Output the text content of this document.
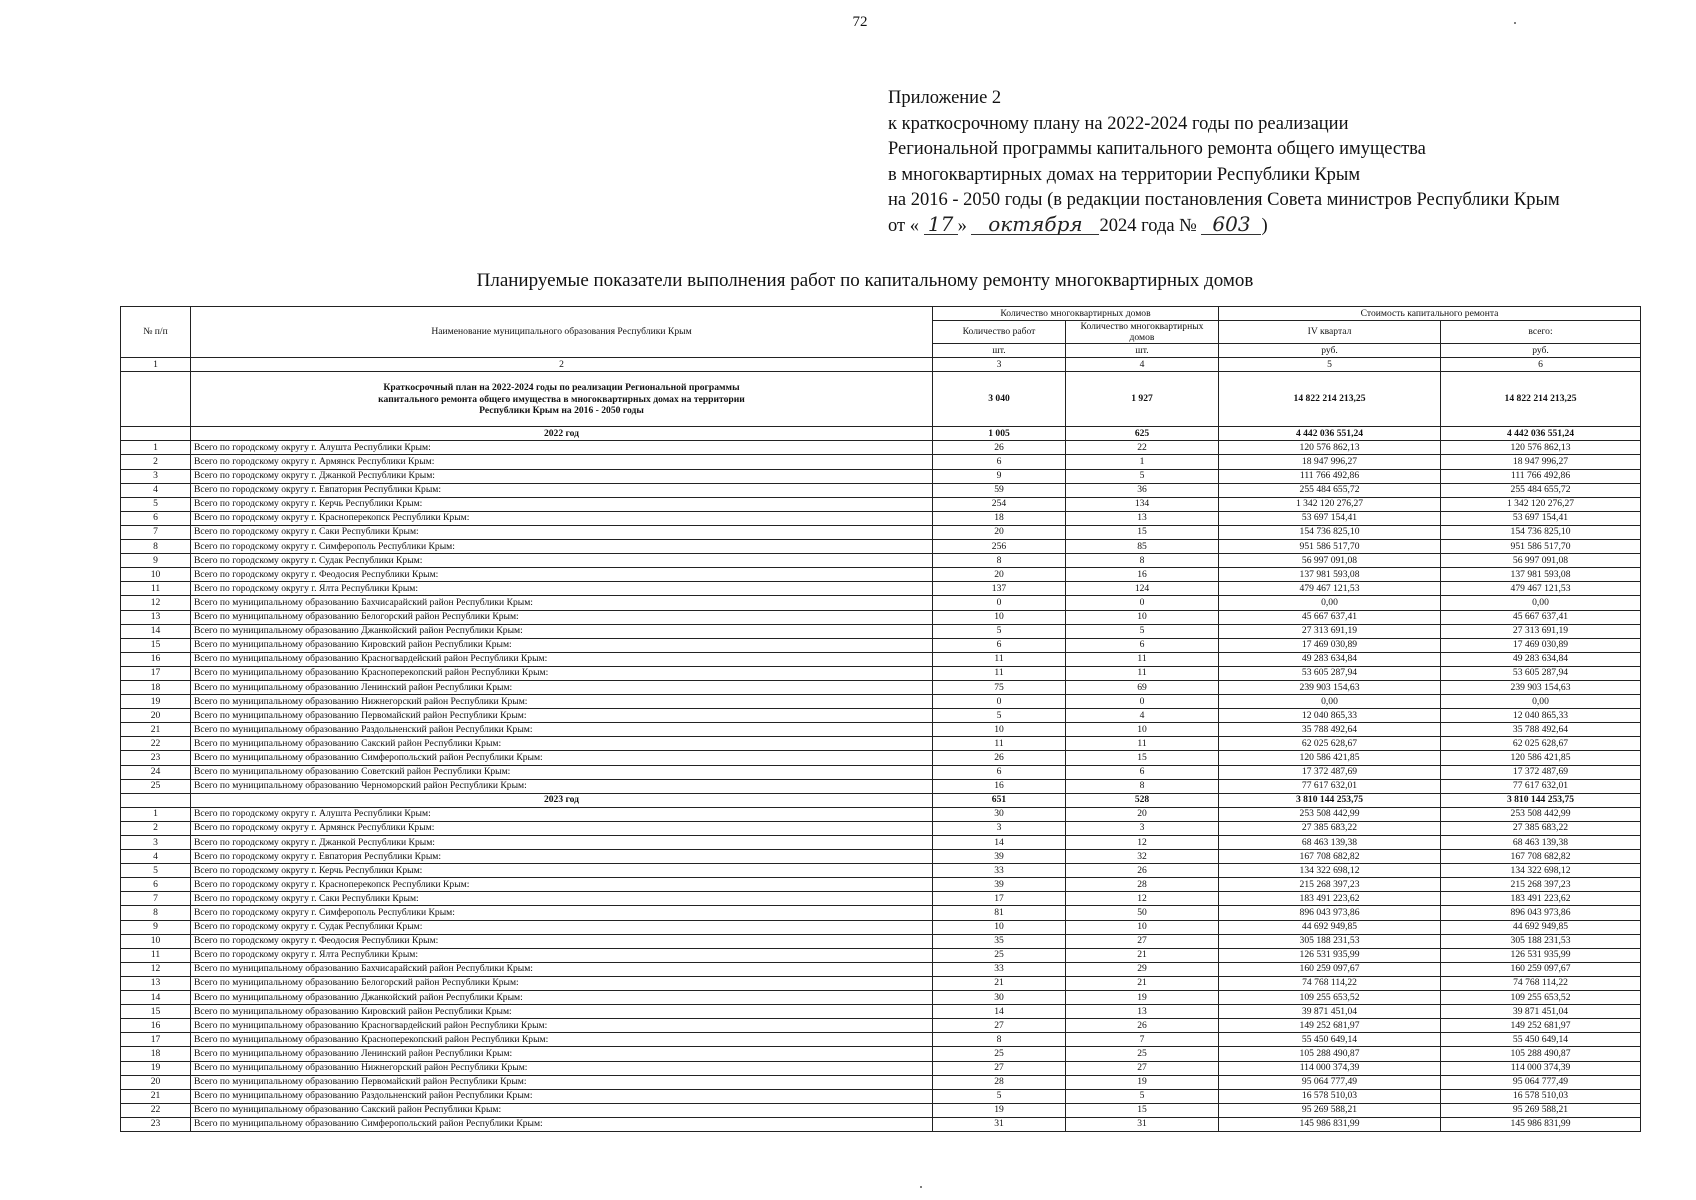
72
Приложение 2
к краткосрочному плану на 2022-2024 годы по реализации
Региональной программы капитального ремонта общего имущества
в многоквартирных домах на территории Республики Крым
на 2016 - 2050 годы (в редакции постановления Совета министров Республики Крым
от « 17 » октября 2024 года № 603 )
Планируемые показатели выполнения работ по капитальному ремонту многоквартирных домов
№ п/п	Наименование муниципального образования Республики Крым	Количество многоквартирных домов		Стоимость капитального ремонта	
		Количество работ	Количество многоквартирных домов	IV квартал	всего:
		шт.	шт.	руб.	руб.
1	2	3	4	5	6
	Краткосрочный план на 2022-2024 годы по реализации Региональной программы капитального ремонта общего имущества в многоквартирных домах на территории Республики Крым на 2016 - 2050 годы	3 040	1 927	14 822 214 213,25	14 822 214 213,25
	2022 год	1 005	625	4 442 036 551,24	4 442 036 551,24
1	Всего по городскому округу г. Алушта Республики Крым:	26	22	120 576 862,13	120 576 862,13
2	Всего по городскому округу г. Армянск Республики Крым:	6	1	18 947 996,27	18 947 996,27
3	Всего по городскому округу г. Джанкой Республики Крым:	9	5	111 766 492,86	111 766 492,86
4	Всего по городскому округу г. Евпатория Республики Крым:	59	36	255 484 655,72	255 484 655,72
5	Всего по городскому округу г. Керчь Республики Крым:	254	134	1 342 120 276,27	1 342 120 276,27
6	Всего по городскому округу г. Красноперекопск Республики Крым:	18	13	53 697 154,41	53 697 154,41
7	Всего по городскому округу г. Саки Республики Крым:	20	15	154 736 825,10	154 736 825,10
8	Всего по городскому округу г. Симферополь Республики Крым:	256	85	951 586 517,70	951 586 517,70
9	Всего по городскому округу г. Судак Республики Крым:	8	8	56 997 091,08	56 997 091,08
10	Всего по городскому округу г. Феодосия Республики Крым:	20	16	137 981 593,08	137 981 593,08
11	Всего по городскому округу г. Ялта Республики Крым:	137	124	479 467 121,53	479 467 121,53
12	Всего по муниципальному образованию Бахчисарайский район Республики Крым:	0	0	0,00	0,00
13	Всего по муниципальному образованию Белогорский район Республики Крым:	10	10	45 667 637,41	45 667 637,41
14	Всего по муниципальному образованию Джанкойский район Республики Крым:	5	5	27 313 691,19	27 313 691,19
15	Всего по муниципальному образованию Кировский район Республики Крым:	6	6	17 469 030,89	17 469 030,89
16	Всего по муниципальному образованию Красногвардейский район Республики Крым:	11	11	49 283 634,84	49 283 634,84
17	Всего по муниципальному образованию Красноперекопский район Республики Крым:	11	11	53 605 287,94	53 605 287,94
18	Всего по муниципальному образованию Ленинский район Республики Крым:	75	69	239 903 154,63	239 903 154,63
19	Всего по муниципальному образованию Нижнегорский район Республики Крым:	0	0	0,00	0,00
20	Всего по муниципальному образованию Первомайский район Республики Крым:	5	4	12 040 865,33	12 040 865,33
21	Всего по муниципальному образованию Раздольненский район Республики Крым:	10	10	35 788 492,64	35 788 492,64
22	Всего по муниципальному образованию Сакский район Республики Крым:	11	11	62 025 628,67	62 025 628,67
23	Всего по муниципальному образованию Симферопольский район Республики Крым:	26	15	120 586 421,85	120 586 421,85
24	Всего по муниципальному образованию Советский район Республики Крым:	6	6	17 372 487,69	17 372 487,69
25	Всего по муниципальному образованию Черноморский район Республики Крым:	16	8	77 617 632,01	77 617 632,01
	2023 год	651	528	3 810 144 253,75	3 810 144 253,75
1	Всего по городскому округу г. Алушта Республики Крым:	30	20	253 508 442,99	253 508 442,99
2	Всего по городскому округу г. Армянск Республики Крым:	3	3	27 385 683,22	27 385 683,22
3	Всего по городскому округу г. Джанкой Республики Крым:	14	12	68 463 139,38	68 463 139,38
4	Всего по городскому округу г. Евпатория Республики Крым:	39	32	167 708 682,82	167 708 682,82
5	Всего по городскому округу г. Керчь Республики Крым:	33	26	134 322 698,12	134 322 698,12
6	Всего по городскому округу г. Красноперекопск Республики Крым:	39	28	215 268 397,23	215 268 397,23
7	Всего по городскому округу г. Саки Республики Крым:	17	12	183 491 223,62	183 491 223,62
8	Всего по городскому округу г. Симферополь Республики Крым:	81	50	896 043 973,86	896 043 973,86
9	Всего по городскому округу г. Судак Республики Крым:	10	10	44 692 949,85	44 692 949,85
10	Всего по городскому округу г. Феодосия Республики Крым:	35	27	305 188 231,53	305 188 231,53
11	Всего по городскому округу г. Ялта Республики Крым:	25	21	126 531 935,99	126 531 935,99
12	Всего по муниципальному образованию Бахчисарайский район Республики Крым:	33	29	160 259 097,67	160 259 097,67
13	Всего по муниципальному образованию Белогорский район Республики Крым:	21	21	74 768 114,22	74 768 114,22
14	Всего по муниципальному образованию Джанкойский район Республики Крым:	30	19	109 255 653,52	109 255 653,52
15	Всего по муниципальному образованию Кировский район Республики Крым:	14	13	39 871 451,04	39 871 451,04
16	Всего по муниципальному образованию Красногвардейский район Республики Крым:	27	26	149 252 681,97	149 252 681,97
17	Всего по муниципальному образованию Красноперекопский район Республики Крым:	8	7	55 450 649,14	55 450 649,14
18	Всего по муниципальному образованию Ленинский район Республики Крым:	25	25	105 288 490,87	105 288 490,87
19	Всего по муниципальному образованию Нижнегорский район Республики Крым:	27	27	114 000 374,39	114 000 374,39
20	Всего по муниципальному образованию Первомайский район Республики Крым:	28	19	95 064 777,49	95 064 777,49
21	Всего по муниципальному образованию Раздольненский район Республики Крым:	5	5	16 578 510,03	16 578 510,03
22	Всего по муниципальному образованию Сакский район Республики Крым:	19	15	95 269 588,21	95 269 588,21
23	Всего по муниципальному образованию Симферопольский район Республики Крым:	31	31	145 986 831,99	145 986 831,99
